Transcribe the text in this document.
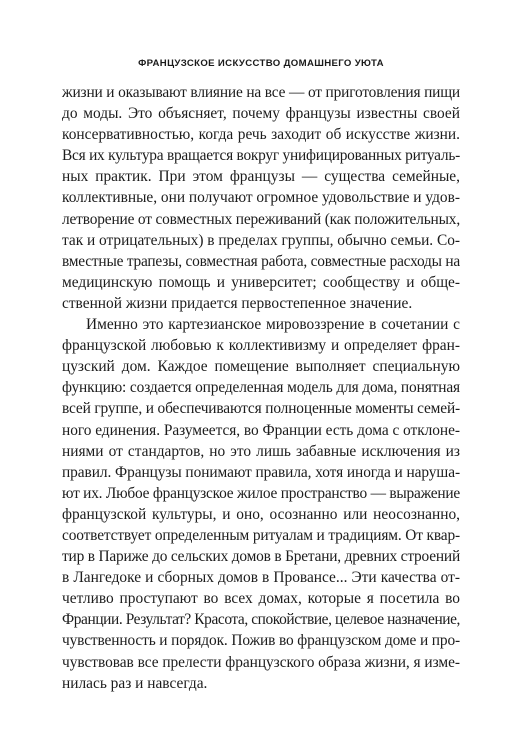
ФРАНЦУЗСКОЕ ИСКУССТВО ДОМАШНЕГО УЮТА
жизни и оказывают влияние на все — от приготовления пищи
до моды. Это объясняет, почему французы известны своей
консервативностью, когда речь заходит об искусстве жизни.
Вся их культура вращается вокруг унифицированных ритуаль-
ных практик. При этом французы — существа семейные,
коллективные, они получают огромное удовольствие и удов-
летворение от совместных переживаний (как положительных,
так и отрицательных) в пределах группы, обычно семьи. Со-
вместные трапезы, совместная работа, совместные расходы на
медицинскую помощь и университет; сообществу и обще-
ственной жизни придается первостепенное значение.
Именно это картезианское мировоззрение в сочетании с
французской любовью к коллективизму и определяет фран-
цузский дом. Каждое помещение выполняет специальную
функцию: создается определенная модель для дома, понятная
всей группе, и обеспечиваются полноценные моменты семей-
ного единения. Разумеется, во Франции есть дома с отклоне-
ниями от стандартов, но это лишь забавные исключения из
правил. Французы понимают правила, хотя иногда и наруша-
ют их. Любое французское жилое пространство — выражение
французской культуры, и оно, осознанно или неосознанно,
соответствует определенным ритуалам и традициям. От квар-
тир в Париже до сельских домов в Бретани, древних строений
в Лангедоке и сборных домов в Провансе... Эти качества от-
четливо проступают во всех домах, которые я посетила во
Франции. Результат? Красота, спокойствие, целевое назначение,
чувственность и порядок. Пожив во французском доме и про-
чувствовав все прелести французского образа жизни, я изме-
нилась раз и навсегда.
